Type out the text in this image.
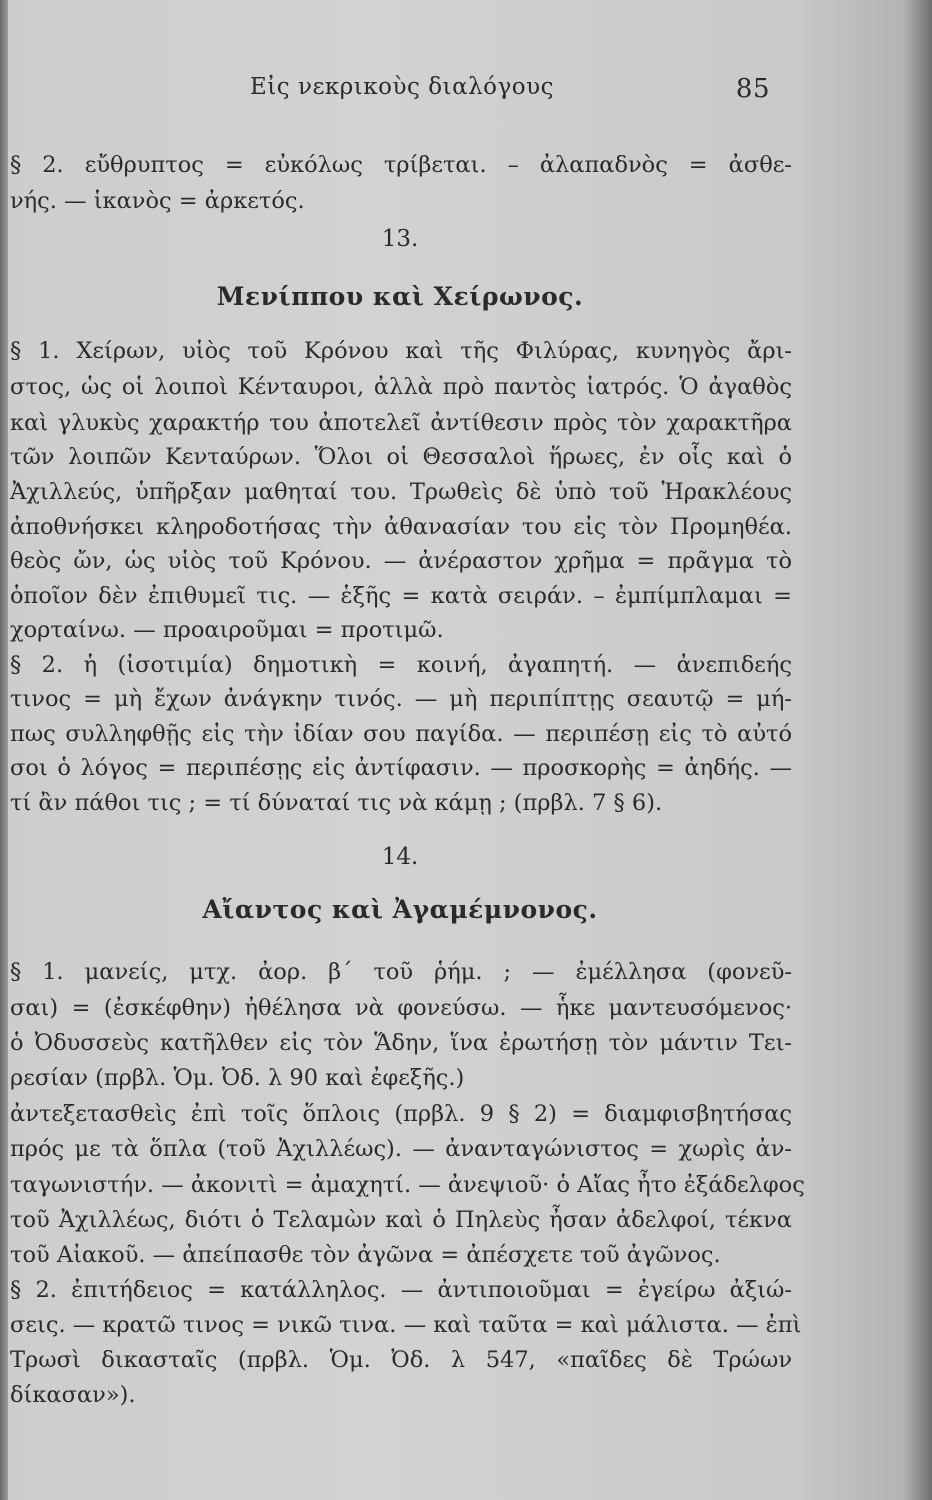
Εἰς νεκρικοὺς διαλόγους	85
§ 2. εὔθρυπτος = εὐκόλως τρίβεται. – ἀλαπαδνὸς = ἀσθε-
νής. — ἱκανὸς = ἀρκετός.
13.
Μενίππου καὶ Χείρωνος.
§ 1. Χείρων, υἱὸς τοῦ Κρόνου καὶ τῆς Φιλύρας, κυνηγὸς ἄρι-
στος, ὡς οἱ λοιποὶ Κένταυροι, ἀλλὰ πρὸ παντὸς ἰατρός. Ὁ ἀγαθὸς
καὶ γλυκὺς χαρακτήρ του ἀποτελεῖ ἀντίθεσιν πρὸς τὸν χαρακτῆρα
τῶν λοιπῶν Κενταύρων. Ὅλοι οἱ Θεσσαλοὶ ἥρωες, ἐν οἷς καὶ ὁ
Ἀχιλλεύς, ὑπῆρξαν μαθηταί του. Τρωθεὶς δὲ ὑπὸ τοῦ Ἡρακλέους
ἀποθνήσκει κληροδοτήσας τὴν ἀθανασίαν του εἰς τὸν Προμηθέα.
θεὸς ὤν, ὡς υἱὸς τοῦ Κρόνου. — ἀνέραστον χρῆμα = πρᾶγμα τὸ
ὁποῖον δὲν ἐπιθυμεῖ τις. — ἑξῆς = κατὰ σειράν. – ἐμπίμπλαμαι =
χορταίνω. — προαιροῦμαι = προτιμῶ.
§ 2. ἡ (ἰσοτιμία) δημοτικὴ = κοινή, ἀγαπητή. — ἀνεπιδεής
τινος = μὴ ἔχων ἀνάγκην τινός. — μὴ περιπίπτῃς σεαυτῷ = μή-
πως συλληφθῇς εἰς τὴν ἰδίαν σου παγίδα. — περιπέσῃ εἰς τὸ αὐτό
σοι ὁ λόγος = περιπέσῃς εἰς ἀντίφασιν. — προσκορὴς = ἀηδής. —
τί ἂν πάθοι τις ; = τί δύναταί τις νὰ κάμῃ ; (πρβλ. 7 § 6).
14.
Αἴαντος καὶ Ἀγαμέμνονος.
§ 1. μανείς, μτχ. ἀορ. β΄ τοῦ ῥήμ. ; — ἐμέλλησα (φονεῦ-
σαι) = (ἐσκέφθην) ἠθέλησα νὰ φονεύσω. — ἧκε μαντευσόμενος·
ὁ Ὀδυσσεὺς κατῆλθεν εἰς τὸν Ἅδην, ἵνα ἐρωτήσῃ τὸν μάντιν Τει-
ρεσίαν (πρβλ. Ὁμ. Ὀδ. λ 90 καὶ ἐφεξῆς.)
ἀντεξετασθεὶς ἐπὶ τοῖς ὅπλοις (πρβλ. 9 § 2) = διαμφισβητήσας
πρός με τὰ ὅπλα (τοῦ Ἀχιλλέως). — ἀνανταγώνιστος = χωρὶς ἀν-
ταγωνιστήν. — ἀκονιτὶ = ἀμαχητί. — ἀνεψιοῦ· ὁ Αἴας ἦτο ἐξάδελφος
τοῦ Ἀχιλλέως, διότι ὁ Τελαμὼν καὶ ὁ Πηλεὺς ἦσαν ἀδελφοί, τέκνα
τοῦ Αἰακοῦ. — ἀπείπασθε τὸν ἀγῶνα = ἀπέσχετε τοῦ ἀγῶνος.
§ 2. ἐπιτήδειος = κατάλληλος. — ἀντιποιοῦμαι = ἐγείρω ἀξιώ-
σεις. — κρατῶ τινος = νικῶ τινα. — καὶ ταῦτα = καὶ μάλιστα. — ἐπὶ
Τρωσὶ δικασταῖς (πρβλ. Ὁμ. Ὀδ. λ 547, «παῖδες δὲ Τρώων
δίκασαν»).
